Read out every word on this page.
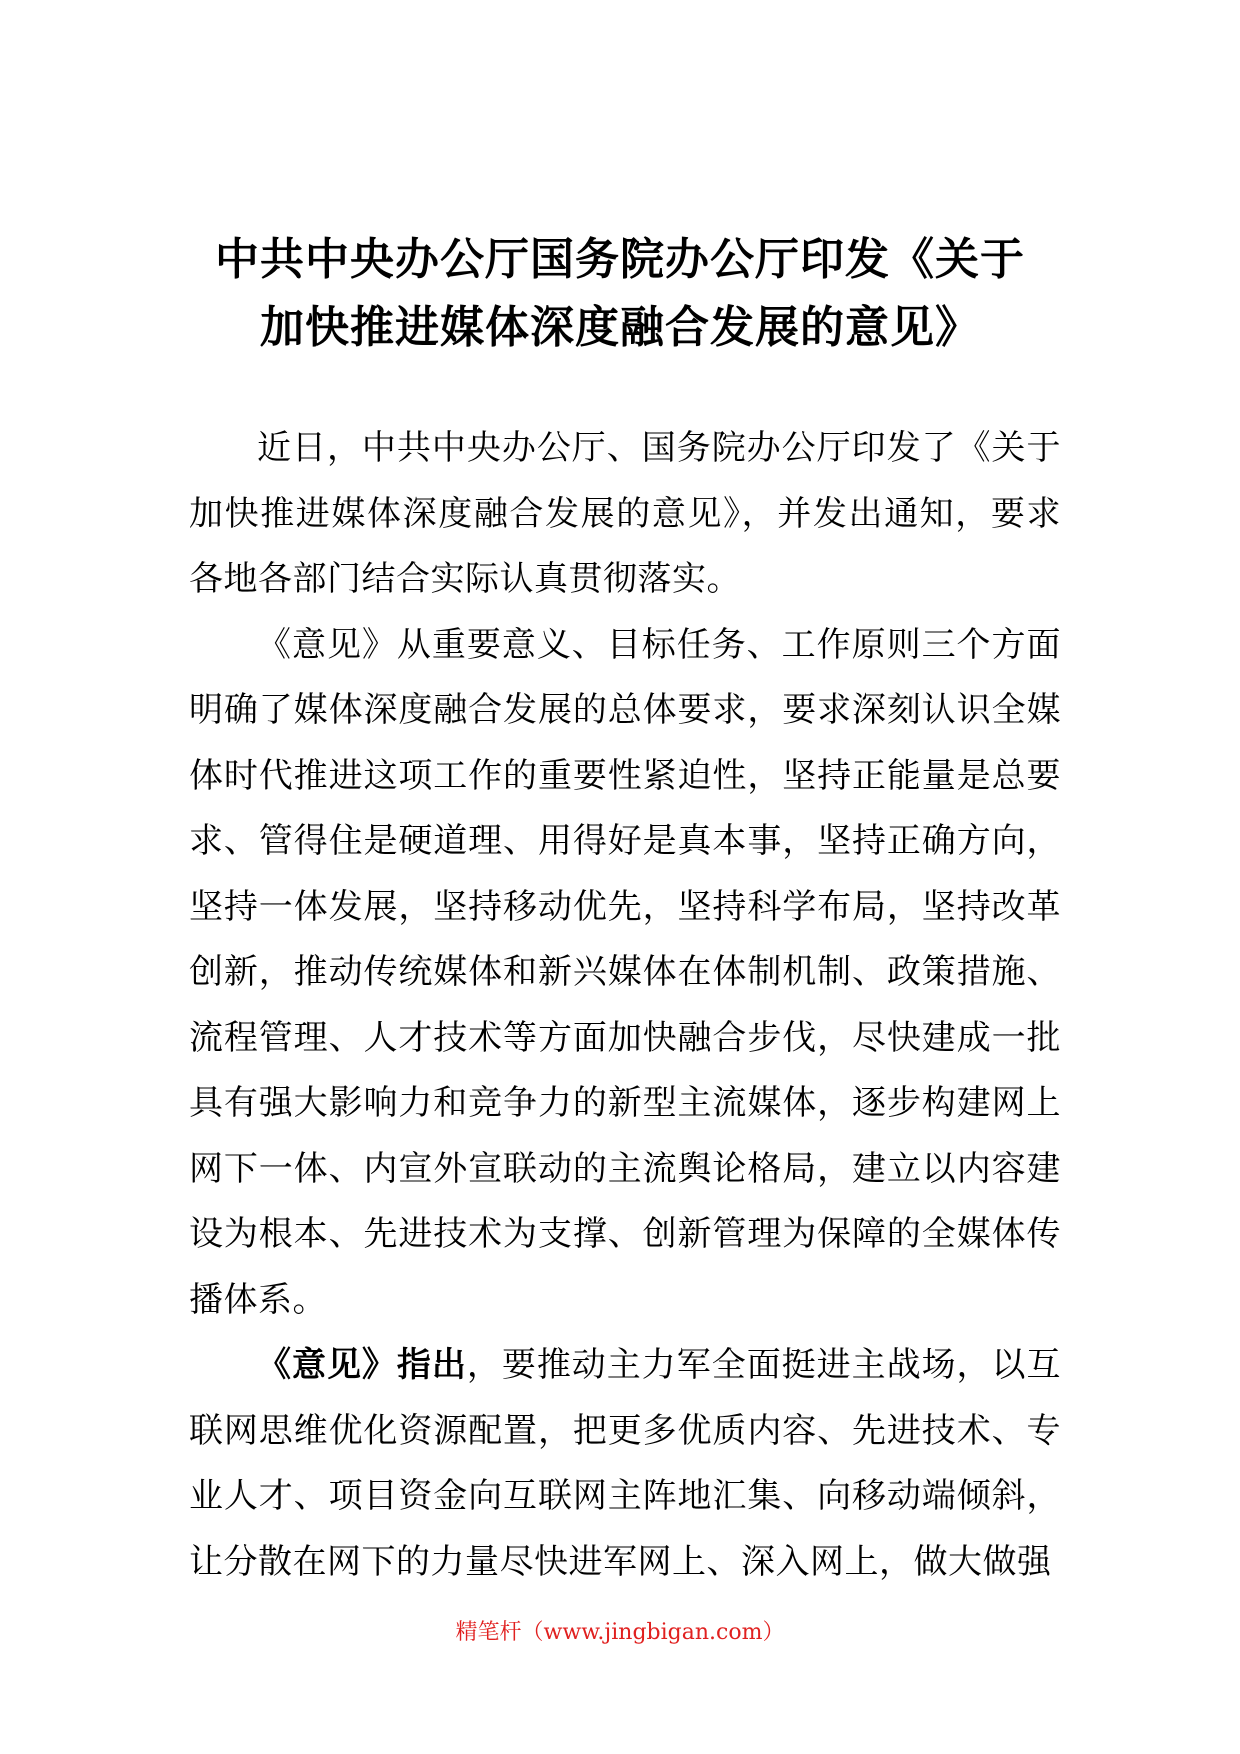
中共中央办公厅国务院办公厅印发《关于
加快推进媒体深度融合发展的意见》

近日，中共中央办公厅、国务院办公厅印发了《关于加快推进媒体深度融合发展的意见》，并发出通知，要求各地各部门结合实际认真贯彻落实。

《意见》从重要意义、目标任务、工作原则三个方面明确了媒体深度融合发展的总体要求，要求深刻认识全媒体时代推进这项工作的重要性紧迫性，坚持正能量是总要求、管得住是硬道理、用得好是真本事，坚持正确方向，坚持一体发展，坚持移动优先，坚持科学布局，坚持改革创新，推动传统媒体和新兴媒体在体制机制、政策措施、流程管理、人才技术等方面加快融合步伐，尽快建成一批具有强大影响力和竞争力的新型主流媒体，逐步构建网上网下一体、内宣外宣联动的主流舆论格局，建立以内容建设为根本、先进技术为支撑、创新管理为保障的全媒体传播体系。

《意见》指出，要推动主力军全面挺进主战场，以互联网思维优化资源配置，把更多优质内容、先进技术、专业人才、项目资金向互联网主阵地汇集、向移动端倾斜，让分散在网下的力量尽快进军网上、深入网上，做大做强

精笔杆（www.jingbigan.com）
